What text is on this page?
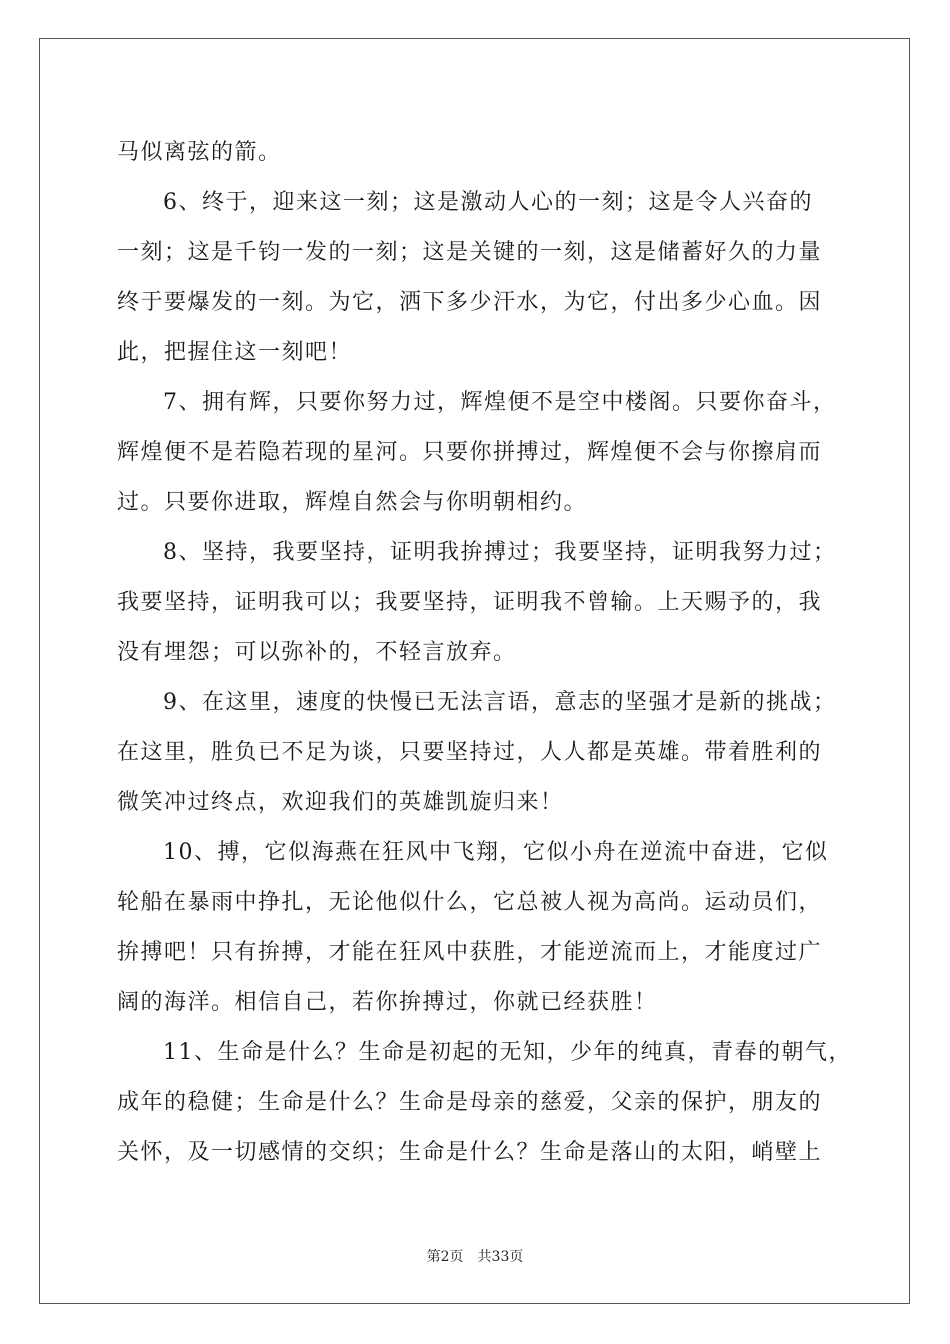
马似离弦的箭。
6、终于，迎来这一刻；这是激动人心的一刻；这是令人兴奋的
一刻；这是千钧一发的一刻；这是关键的一刻，这是储蓄好久的力量
终于要爆发的一刻。为它，洒下多少汗水，为它，付出多少心血。因
此，把握住这一刻吧！
7、拥有辉，只要你努力过，辉煌便不是空中楼阁。只要你奋斗，
辉煌便不是若隐若现的星河。只要你拼搏过，辉煌便不会与你擦肩而
过。只要你进取，辉煌自然会与你明朝相约。
8、坚持，我要坚持，证明我拚搏过；我要坚持，证明我努力过；
我要坚持，证明我可以；我要坚持，证明我不曾输。上天赐予的，我
没有埋怨；可以弥补的，不轻言放弃。
9、在这里，速度的快慢已无法言语，意志的坚强才是新的挑战；
在这里，胜负已不足为谈，只要坚持过，人人都是英雄。带着胜利的
微笑冲过终点，欢迎我们的英雄凯旋归来！
10、搏，它似海燕在狂风中飞翔，它似小舟在逆流中奋进，它似
轮船在暴雨中挣扎，无论他似什么，它总被人视为高尚。运动员们，
拚搏吧！只有拚搏，才能在狂风中获胜，才能逆流而上，才能度过广
阔的海洋。相信自己，若你拚搏过，你就已经获胜！
11、生命是什么？生命是初起的无知，少年的纯真，青春的朝气，
成年的稳健；生命是什么？生命是母亲的慈爱，父亲的保护，朋友的
关怀，及一切感情的交织；生命是什么？生命是落山的太阳，峭壁上
第2页 共33页
